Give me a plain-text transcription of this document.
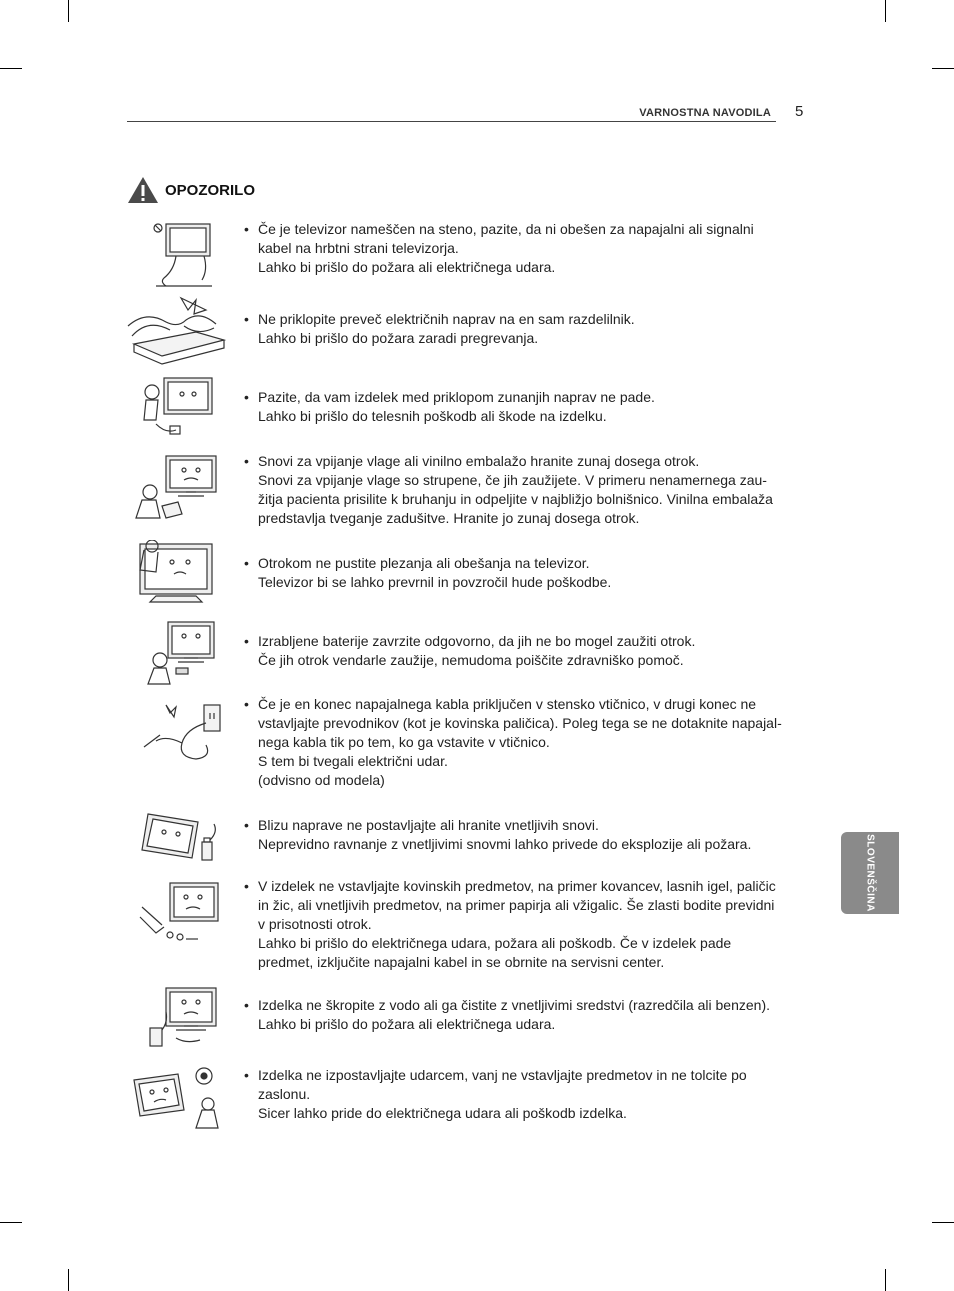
VARNOSTNA NAVODILA 5
OPOZORILO
• Če je televizor nameščen na steno, pazite, da ni obešen za napajalni ali signalni
kabel na hrbtni strani televizorja.
Lahko bi prišlo do požara ali električnega udara.
• Ne priklopite preveč električnih naprav na en sam razdelilnik.
Lahko bi prišlo do požara zaradi pregrevanja.
• Pazite, da vam izdelek med priklopom zunanjih naprav ne pade.
Lahko bi prišlo do telesnih poškodb ali škode na izdelku.
• Snovi za vpijanje vlage ali vinilno embalažo hranite zunaj dosega otrok.
Snovi za vpijanje vlage so strupene, če jih zaužijete. V primeru nenamernega zau-
žitja pacienta prisilite k bruhanju in odpeljite v najbližjo bolnišnico. Vinilna embalaža
predstavlja tveganje zadušitve. Hranite jo zunaj dosega otrok.
• Otrokom ne pustite plezanja ali obešanja na televizor.
Televizor bi se lahko prevrnil in povzročil hude poškodbe.
• Izrabljene baterije zavrzite odgovorno, da jih ne bo mogel zaužiti otrok.
Če jih otrok vendarle zaužije, nemudoma poiščite zdravniško pomoč.
• Če je en konec napajalnega kabla priključen v stensko vtičnico, v drugi konec ne
vstavljajte prevodnikov (kot je kovinska paličica). Poleg tega se ne dotaknite napajal-
nega kabla tik po tem, ko ga vstavite v vtičnico.
S tem bi tvegali električni udar.
(odvisno od modela)
• Blizu naprave ne postavljajte ali hranite vnetljivih snovi.
Neprevidno ravnanje z vnetljivimi snovmi lahko privede do eksplozije ali požara.
• V izdelek ne vstavljajte kovinskih predmetov, na primer kovancev, lasnih igel, paličic
in žic, ali vnetljivih predmetov, na primer papirja ali vžigalic. Še zlasti bodite previdni
v prisotnosti otrok.
Lahko bi prišlo do električnega udara, požara ali poškodb. Če v izdelek pade
predmet, izključite napajalni kabel in se obrnite na servisni center.
• Izdelka ne škropite z vodo ali ga čistite z vnetljivimi sredstvi (razredčila ali benzen).
Lahko bi prišlo do požara ali električnega udara.
• Izdelka ne izpostavljajte udarcem, vanj ne vstavljajte predmetov in ne tolcite po
zaslonu.
Sicer lahko pride do električnega udara ali poškodb izdelka.
SLOVENŠČINA
